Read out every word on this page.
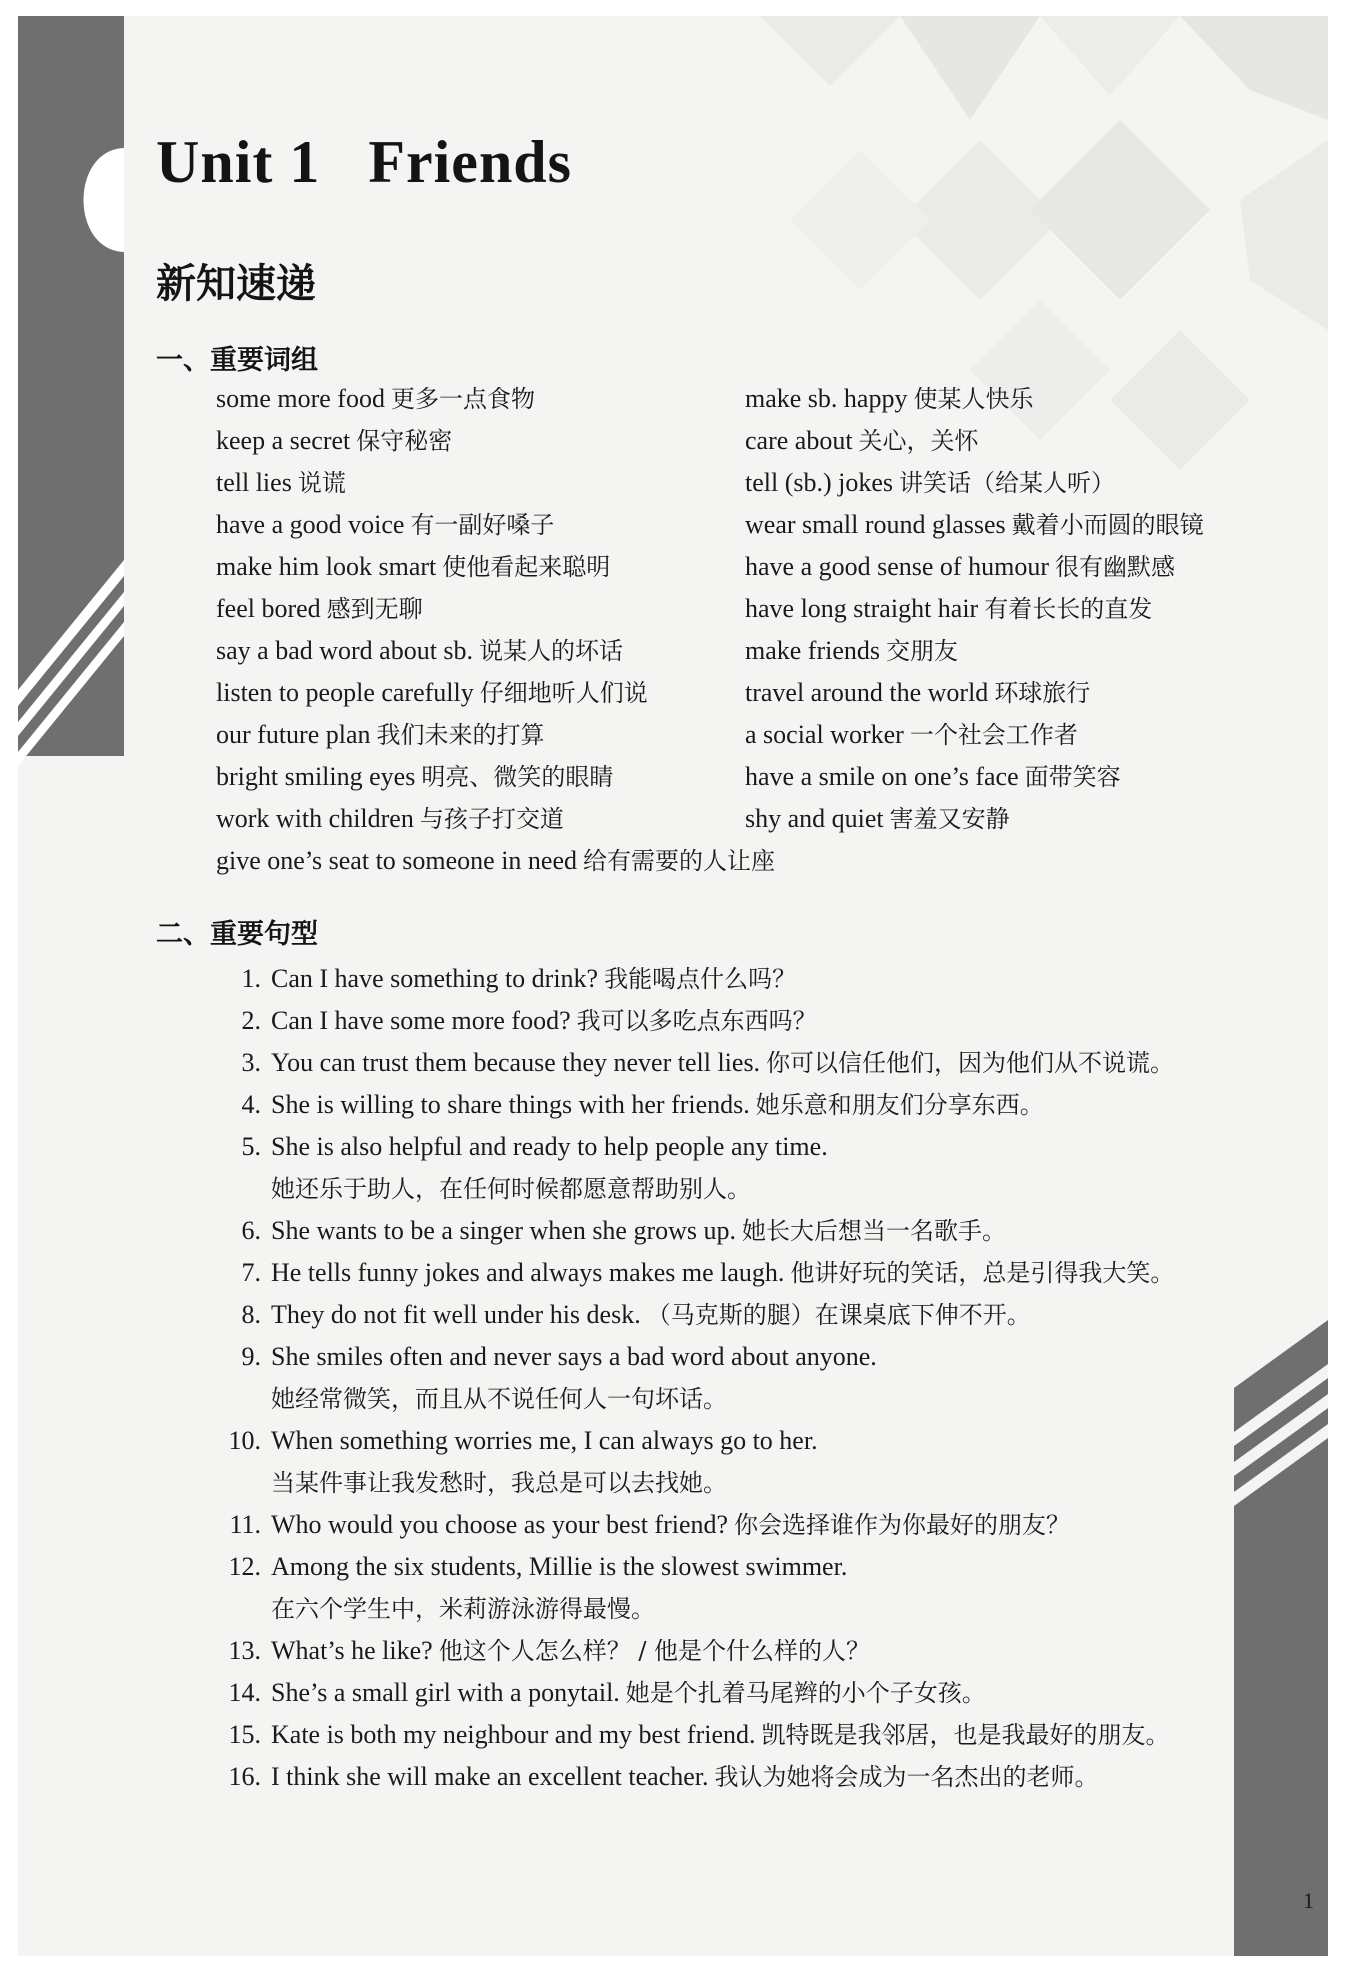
Unit 1 Friends
新知速递
一、重要词组
some more food 更多一点食物
keep a secret 保守秘密
tell lies 说谎
have a good voice 有一副好嗓子
make him look smart 使他看起来聪明
feel bored 感到无聊
say a bad word about sb. 说某人的坏话
listen to people carefully 仔细地听人们说
our future plan 我们未来的打算
bright smiling eyes 明亮、微笑的眼睛
work with children 与孩子打交道
give one’s seat to someone in need 给有需要的人让座
make sb. happy 使某人快乐
care about 关心，关怀
tell (sb.) jokes 讲笑话（给某人听）
wear small round glasses 戴着小而圆的眼镜
have a good sense of humour 很有幽默感
have long straight hair 有着长长的直发
make friends 交朋友
travel around the world 环球旅行
a social worker 一个社会工作者
have a smile on one’s face 面带笑容
shy and quiet 害羞又安静
二、重要句型
1. Can I have something to drink? 我能喝点什么吗？
2. Can I have some more food? 我可以多吃点东西吗？
3. You can trust them because they never tell lies. 你可以信任他们，因为他们从不说谎。
4. She is willing to share things with her friends. 她乐意和朋友们分享东西。
5. She is also helpful and ready to help people any time.
她还乐于助人，在任何时候都愿意帮助别人。
6. She wants to be a singer when she grows up. 她长大后想当一名歌手。
7. He tells funny jokes and always makes me laugh. 他讲好玩的笑话，总是引得我大笑。
8. They do not fit well under his desk. （马克斯的腿）在课桌底下伸不开。
9. She smiles often and never says a bad word about anyone.
她经常微笑，而且从不说任何人一句坏话。
10. When something worries me, I can always go to her.
当某件事让我发愁时，我总是可以去找她。
11. Who would you choose as your best friend? 你会选择谁作为你最好的朋友？
12. Among the six students, Millie is the slowest swimmer.
在六个学生中，米莉游泳游得最慢。
13. What’s he like? 他这个人怎么样？ / 他是个什么样的人？
14. She’s a small girl with a ponytail. 她是个扎着马尾辫的小个子女孩。
15. Kate is both my neighbour and my best friend. 凯特既是我邻居，也是我最好的朋友。
16. I think she will make an excellent teacher. 我认为她将会成为一名杰出的老师。
1
